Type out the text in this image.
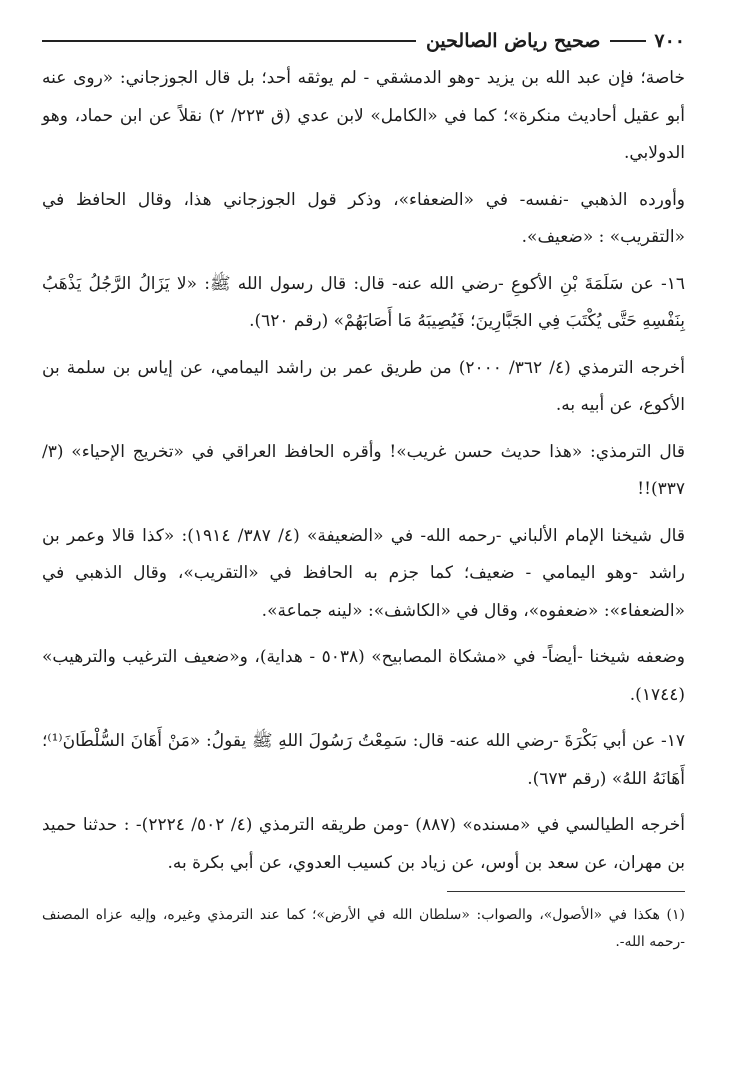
٧٠٠
صحيح رياض الصالحين

خاصة؛ فإن عبد الله بن يزيد -وهو الدمشقي - لم يوثقه أحد؛ بل قال الجوزجاني: «روى عنه أبو عقيل أحاديث منكرة»؛ كما في «الكامل» لابن عدي (ق ٢٢٣/ ٢) نقلاً عن ابن حماد، وهو الدولابي.

وأورده الذهبي -نفسه- في «الضعفاء»، وذكر قول الجوزجاني هذا، وقال الحافظ في «التقريب» : «ضعيف».

١٦- عن سَلَمَةَ بْنِ الأكوعِ -رضي الله عنه- قال: قال رسول الله ﷺ: «لا يَزَالُ الرَّجُلُ يَذْهَبُ بِنَفْسِهِ حَتَّى يُكْتَبَ فِي الجَبَّارِينَ؛ فَيُصِيبَهُ مَا أَصَابَهُمْ» (رقم ٦٢٠).

أخرجه الترمذي (٤/ ٣٦٢/ ٢٠٠٠) من طريق عمر بن راشد اليمامي، عن إياس بن سلمة بن الأكوع، عن أبيه به.

قال الترمذي: «هذا حديث حسن غريب»! وأقره الحافظ العراقي في «تخريج الإحياء» (٣/ ٣٣٧)!!

قال شيخنا الإمام الألباني -رحمه الله- في «الضعيفة» (٤/ ٣٨٧/ ١٩١٤): «كذا قالا وعمر بن راشد -وهو اليمامي - ضعيف؛ كما جزم به الحافظ في «التقريب»، وقال الذهبي في «الضعفاء»: «ضعفوه»، وقال في «الكاشف»: «لينه جماعة».

وضعفه شيخنا -أيضاً- في «مشكاة المصابيح» (٥٠٣٨ - هداية)، و«ضعيف الترغيب والترهيب» (١٧٤٤).

١٧- عن أبي بَكْرَةَ -رضي الله عنه- قال: سَمِعْتُ رَسُولَ اللهِ ﷺ يقولُ: «مَنْ أَهَانَ السُّلْطَانَ⁽¹⁾؛ أَهَانَهُ اللهُ» (رقم ٦٧٣).

أخرجه الطيالسي في «مسنده» (٨٨٧) -ومن طريقه الترمذي (٤/ ٥٠٢/ ٢٢٢٤)- : حدثنا حميد بن مهران، عن سعد بن أوس، عن زياد بن كسيب العدوي، عن أبي بكرة به.

(١) هكذا في «الأصول»، والصواب: «سلطان الله في الأرض»؛ كما عند الترمذي وغيره، وإليه عزاه المصنف -رحمه الله-.
